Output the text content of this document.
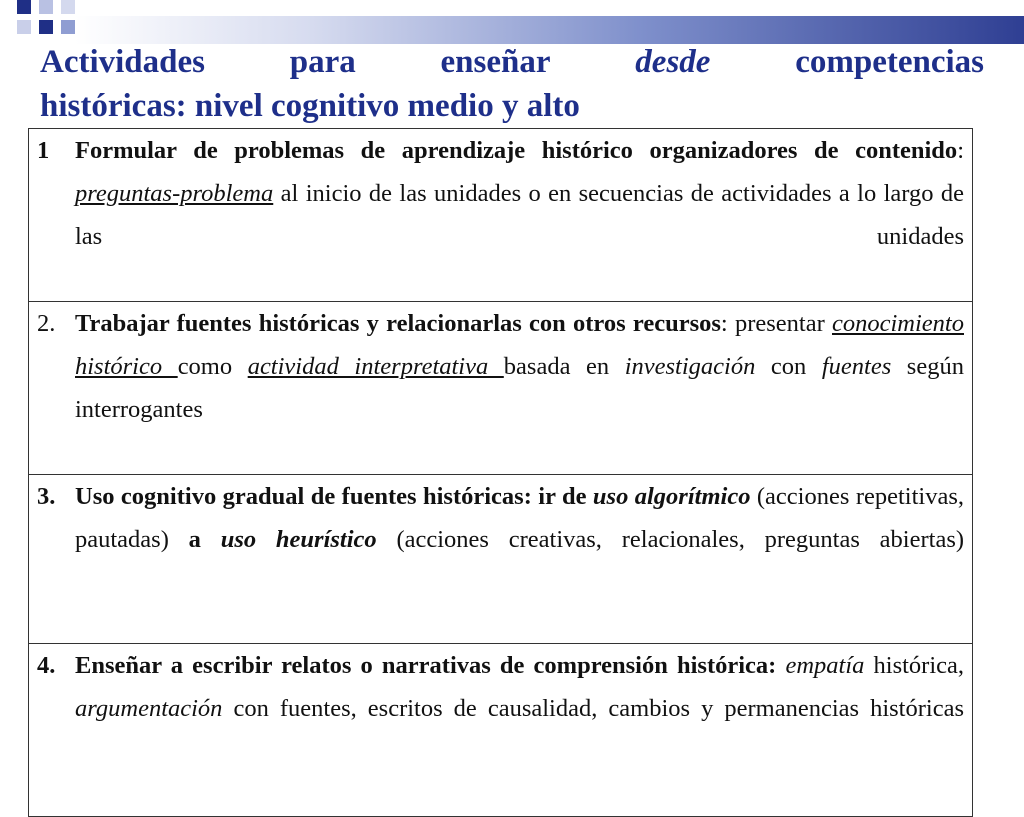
Actividades	para	enseñar	desde	competencias
históricas: nivel cognitivo medio y alto

1 Formular de problemas de aprendizaje histórico organizadores de contenido: preguntas-problema al inicio de las unidades o en secuencias de actividades a lo largo de las unidades

2. Trabajar fuentes históricas y relacionarlas con otros recursos: presentar conocimiento histórico como actividad interpretativa basada en investigación con fuentes según interrogantes

3. Uso cognitivo gradual de fuentes históricas: ir de uso algorítmico (acciones repetitivas, pautadas) a uso heurístico (acciones creativas, relacionales, preguntas abiertas)

4. Enseñar a escribir relatos o narrativas de comprensión histórica: empatía histórica, argumentación con fuentes, escritos de causalidad, cambios y permanencias históricas
